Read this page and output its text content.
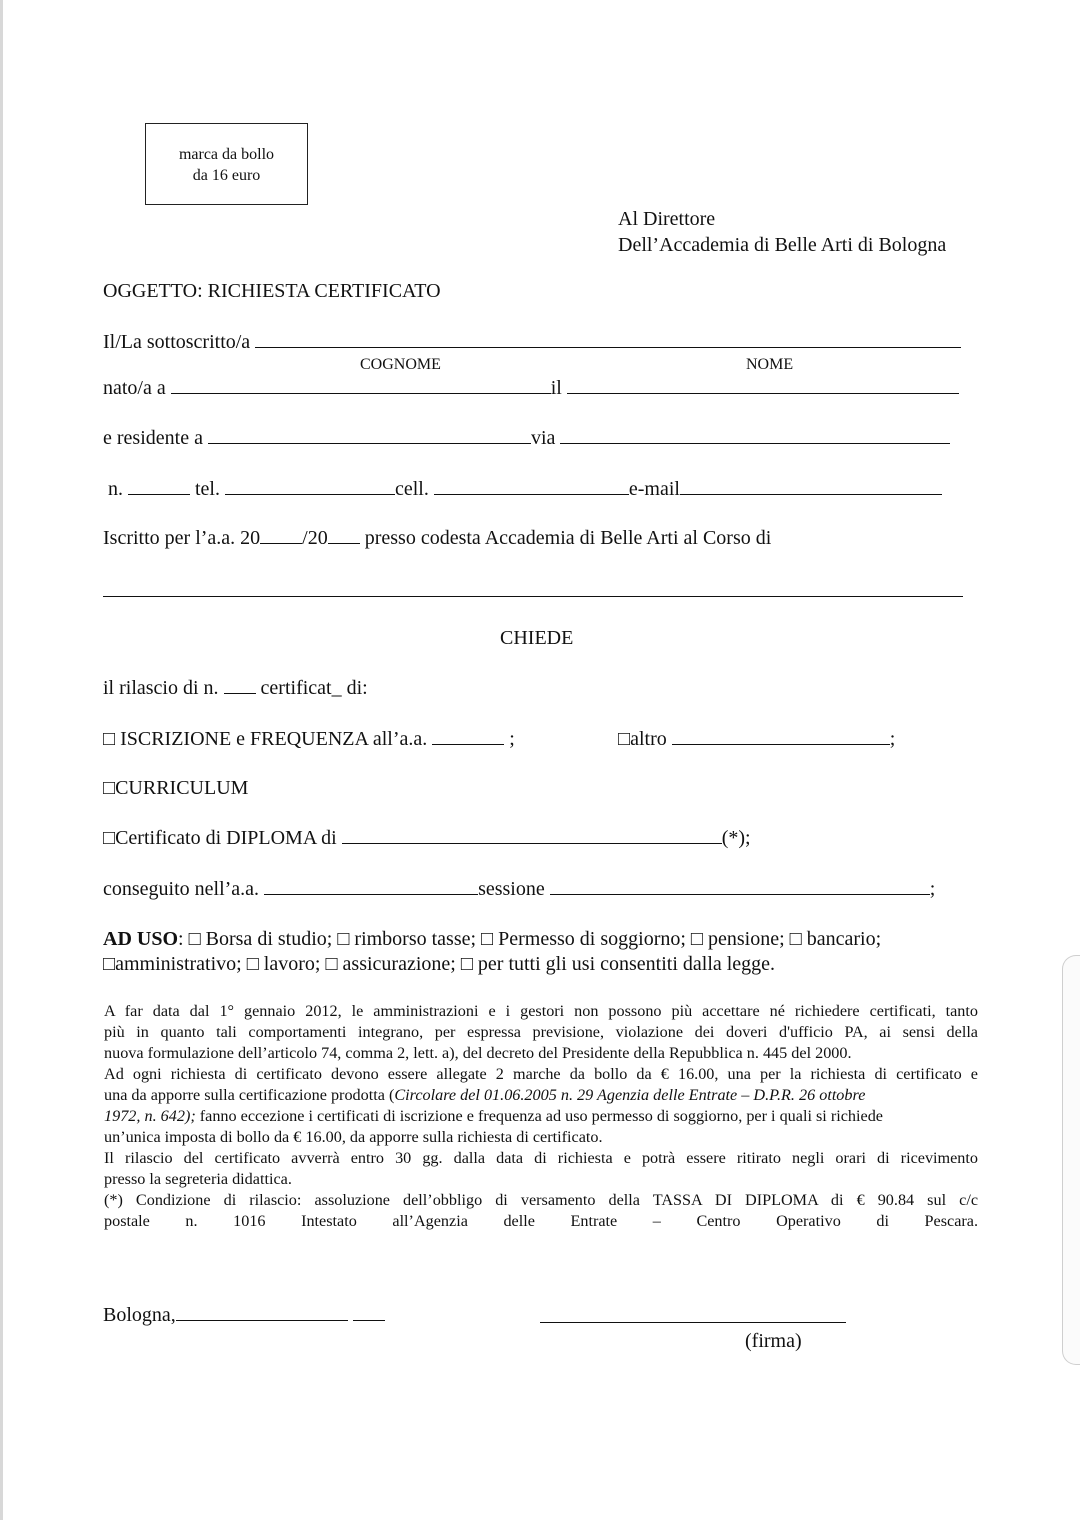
marca da bollo
da 16 euro
Al Direttore
Dell’Accademia di Belle Arti di Bologna
OGGETTO: RICHIESTA CERTIFICATO
Il/La sottoscritto/a
COGNOME	NOME
nato/a a	il
e residente a	via
n.	tel.	cell.	e-mail
Iscritto per l’a.a. 20 /20 presso codesta Accademia di Belle Arti al Corso di
CHIEDE
il rilascio di n. certificat_ di:
□ ISCRIZIONE e FREQUENZA all’a.a.	;	□altro	;
□CURRICULUM
□Certificato di DIPLOMA di	(*);
conseguito nell’a.a.	sessione	;
AD USO: □ Borsa di studio; □ rimborso tasse; □ Permesso di soggiorno; □ pensione; □ bancario;
□amministrativo; □ lavoro; □ assicurazione; □ per tutti gli usi consentiti dalla legge.
A far data dal 1° gennaio 2012, le amministrazioni e i gestori non possono più accettare né richiedere certificati, tanto
più in quanto tali comportamenti integrano, per espressa previsione, violazione dei doveri d'ufficio PA, ai sensi della
nuova formulazione dell’articolo 74, comma 2, lett. a), del decreto del Presidente della Repubblica n. 445 del 2000.
Ad ogni richiesta di certificato devono essere allegate 2 marche da bollo da € 16.00, una per la richiesta di certificato e
una da apporre sulla certificazione prodotta (Circolare del 01.06.2005 n. 29 Agenzia delle Entrate – D.P.R. 26 ottobre
1972, n. 642); fanno eccezione i certificati di iscrizione e frequenza ad uso permesso di soggiorno, per i quali si richiede
un’unica imposta di bollo da € 16.00, da apporre sulla richiesta di certificato.
Il rilascio del certificato avverrà entro 30 gg. dalla data di richiesta e potrà essere ritirato negli orari di ricevimento
presso la segreteria didattica.
(*) Condizione di rilascio: assoluzione dell’obbligo di versamento della TASSA DI DIPLOMA di € 90.84 sul c/c
postale n. 1016 Intestato all’Agenzia delle Entrate – Centro Operativo di Pescara.
Bologna,
(firma)
